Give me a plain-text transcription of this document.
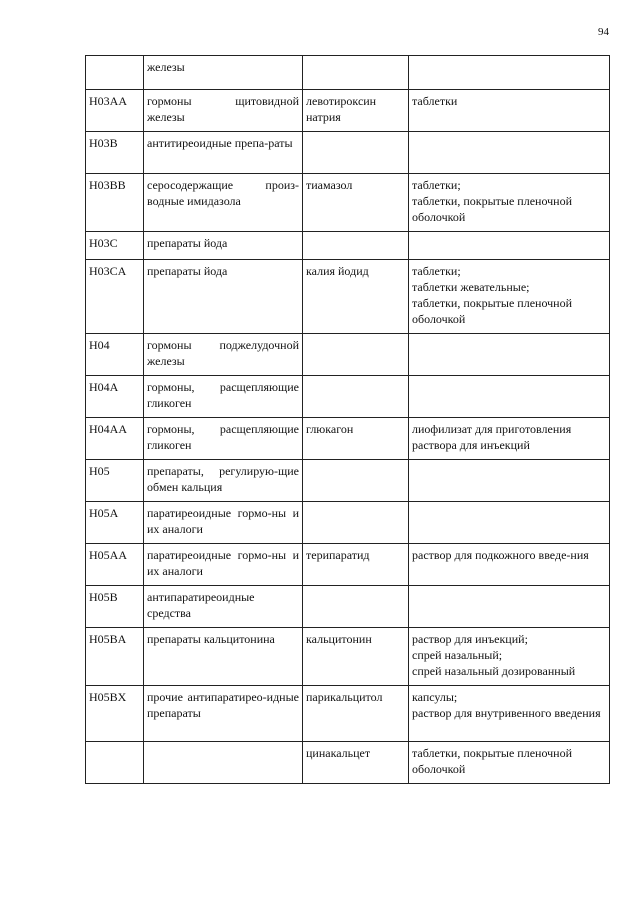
94
	железы		
H03AA	гормоны щитовидной железы	левотироксин натрия	таблетки

H03B	антитиреоидные препа-раты		
H03BB	серосодержащие произ-водные имидазола	тиамазол	таблетки;
таблетки, покрытые пленочной оболочкой

H03C	препараты йода		
H03CA	препараты йода	калия йодид	таблетки;
таблетки жевательные;
таблетки, покрытые пленочной оболочкой

H04	гормоны поджелудочной железы		
H04A	гормоны, расщепляющие гликоген		
H04AA	гормоны, расщепляющие гликоген	глюкагон	лиофилизат для приготовления раствора для инъекций

H05	препараты, регулирую-щие обмен кальция		
H05A	паратиреоидные гормо-ны и их аналоги		
H05AA	паратиреоидные гормо-ны и их аналоги	терипаратид	раствор для подкожного введе-ния

H05B	антипаратиреоидные средства		
H05BA	препараты кальцитонина	кальцитонин	раствор для инъекций;
спрей назальный;
спрей назальный дозированный

H05BX	прочие антипаратирео-идные препараты	парикальцитол	капсулы;
раствор для внутривенного введения

		цинакальцет	таблетки, покрытые пленочной оболочкой
